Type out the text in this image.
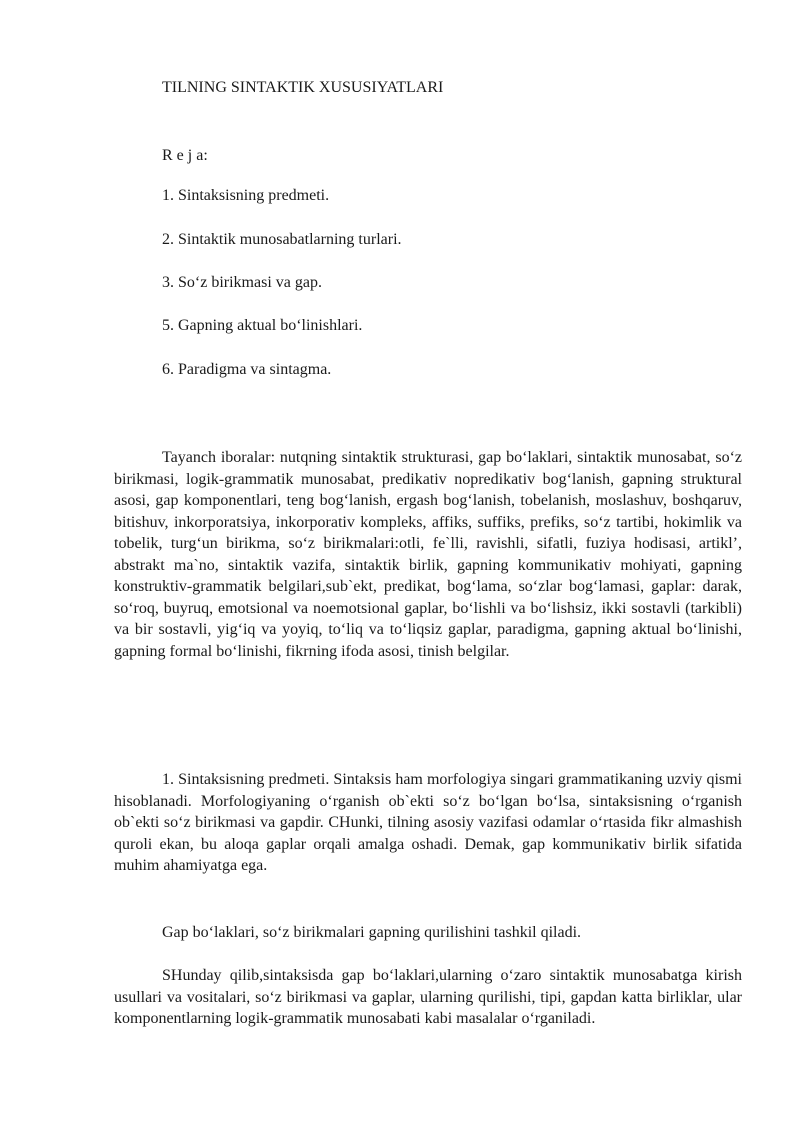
TILNING SINTAKTIK XUSUSIYATLARI
R e j a:
1. Sintaksisning predmeti.
2. Sintaktik munosabatlarning turlari.
3. So‘z birikmasi va gap.
5. Gapning aktual bo‘linishlari.
6. Paradigma va sintagma.

Tayanch iboralar: nutqning sintaktik strukturasi, gap bo‘laklari, sintaktik munosabat, so‘z birikmasi, logik-grammatik munosabat, predikativ nopredikativ bog‘lanish, gapning struktural asosi, gap komponentlari, teng bog‘lanish, ergash bog‘lanish, tobelanish, moslashuv, boshqaruv, bitishuv, inkorporatsiya, inkorporativ kompleks, affiks, suffiks, prefiks, so‘z tartibi, hokimlik va tobelik, turg‘un birikma, so‘z birikmalari:otli, fe`lli, ravishli, sifatli, fuziya hodisasi, artikl’, abstrakt ma`no, sintaktik vazifa, sintaktik birlik, gapning kommunikativ mohiyati, gapning konstruktiv-grammatik belgilari,sub`ekt, predikat, bog‘lama, so‘zlar bog‘lamasi, gaplar: darak, so‘roq, buyruq, emotsional va noemotsional gaplar, bo‘lishli va bo‘lishsiz, ikki sostavli (tarkibli) va bir sostavli, yig‘iq va yoyiq, to‘liq va to‘liqsiz gaplar, paradigma, gapning aktual bo‘linishi, gapning formal bo‘linishi, fikrning ifoda asosi, tinish belgilar.

1. Sintaksisning predmeti. Sintaksis ham morfologiya singari grammatikaning uzviy qismi hisoblanadi. Morfologiyaning o‘rganish ob`ekti so‘z bo‘lgan bo‘lsa, sintaksisning o‘rganish ob`ekti so‘z birikmasi va gapdir. CHunki, tilning asosiy vazifasi odamlar o‘rtasida fikr almashish quroli ekan, bu aloqa gaplar orqali amalga oshadi. Demak, gap kommunikativ birlik sifatida muhim ahamiyatga ega.

Gap bo‘laklari, so‘z birikmalari gapning qurilishini tashkil qiladi.

SHunday qilib,sintaksisda gap bo‘laklari,ularning o‘zaro sintaktik munosabatga kirish usullari va vositalari, so‘z birikmasi va gaplar, ularning qurilishi, tipi, gapdan katta birliklar, ular komponentlarning logik-grammatik munosabati kabi masalalar o‘rganiladi.
